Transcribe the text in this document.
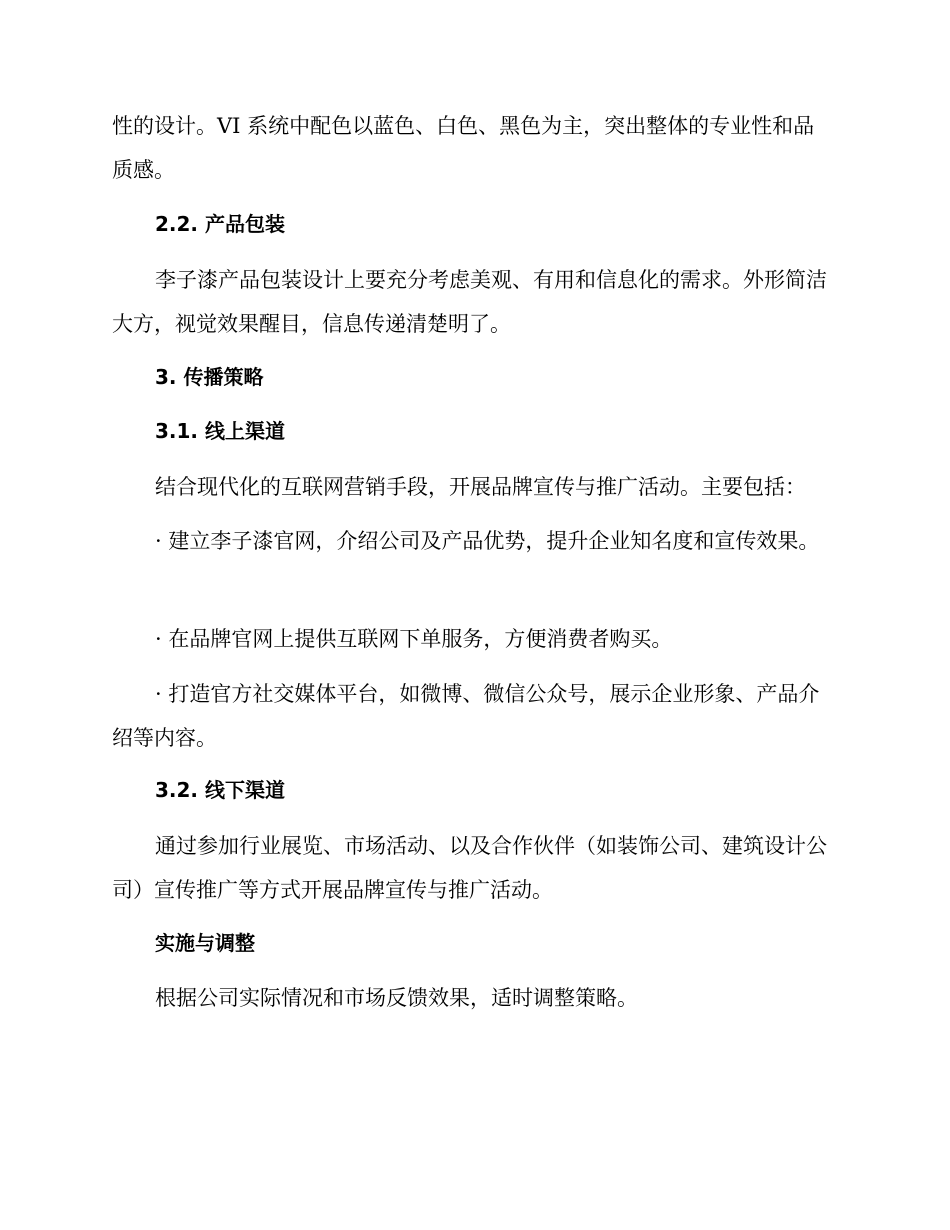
性的设计。VI 系统中配色以蓝色、白色、黑色为主，突出整体的专业性和品质感。

2.2. 产品包装

李子漆产品包装设计上要充分考虑美观、有用和信息化的需求。外形简洁大方，视觉效果醒目，信息传递清楚明了。

3. 传播策略
3.1. 线上渠道

结合现代化的互联网营销手段，开展品牌宣传与推广活动。主要包括：

· 建立李子漆官网，介绍公司及产品优势，提升企业知名度和宣传效果。

· 在品牌官网上提供互联网下单服务，方便消费者购买。

· 打造官方社交媒体平台，如微博、微信公众号，展示企业形象、产品介绍等内容。

3.2. 线下渠道

通过参加行业展览、市场活动、以及合作伙伴（如装饰公司、建筑设计公司）宣传推广等方式开展品牌宣传与推广活动。

实施与调整

根据公司实际情况和市场反馈效果，适时调整策略。
